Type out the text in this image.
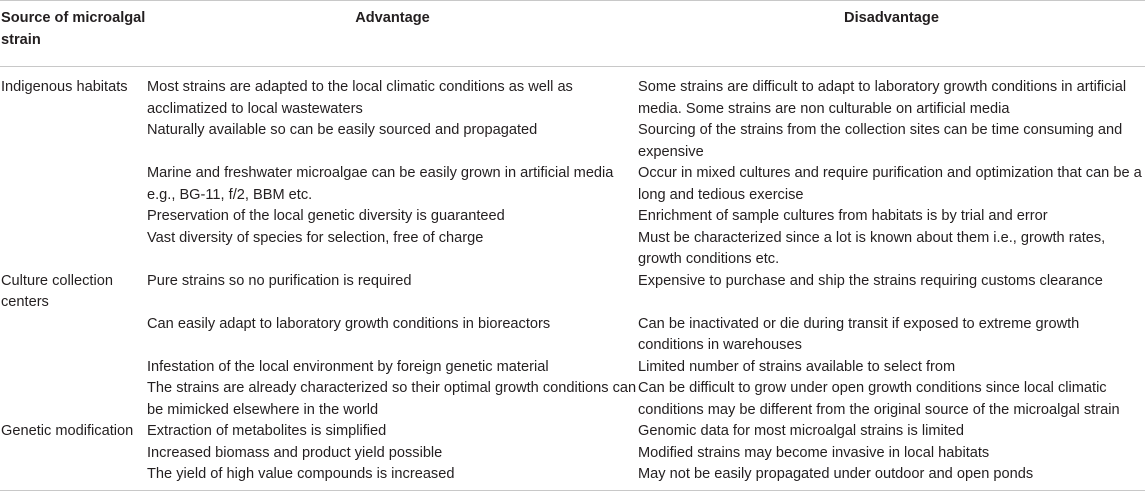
Source of microalgal strain	Advantage	Disadvantage
Indigenous habitats	Most strains are adapted to the local climatic conditions as well as acclimatized to local wastewaters	Some strains are difficult to adapt to laboratory growth conditions in artificial media. Some strains are non culturable on artificial media
	Naturally available so can be easily sourced and propagated	Sourcing of the strains from the collection sites can be time consuming and expensive
	Marine and freshwater microalgae can be easily grown in artificial media e.g., BG-11, f/2, BBM etc.	Occur in mixed cultures and require purification and optimization that can be a long and tedious exercise
	Preservation of the local genetic diversity is guaranteed	Enrichment of sample cultures from habitats is by trial and error
	Vast diversity of species for selection, free of charge	Must be characterized since a lot is known about them i.e., growth rates, growth conditions etc.
Culture collection centers	Pure strains so no purification is required	Expensive to purchase and ship the strains requiring customs clearance
	Can easily adapt to laboratory growth conditions in bioreactors	Can be inactivated or die during transit if exposed to extreme growth conditions in warehouses
	Infestation of the local environment by foreign genetic material	Limited number of strains available to select from
	The strains are already characterized so their optimal growth conditions can be mimicked elsewhere in the world	Can be difficult to grow under open growth conditions since local climatic conditions may be different from the original source of the microalgal strain
Genetic modification	Extraction of metabolites is simplified	Genomic data for most microalgal strains is limited
	Increased biomass and product yield possible	Modified strains may become invasive in local habitats
	The yield of high value compounds is increased	May not be easily propagated under outdoor and open ponds
